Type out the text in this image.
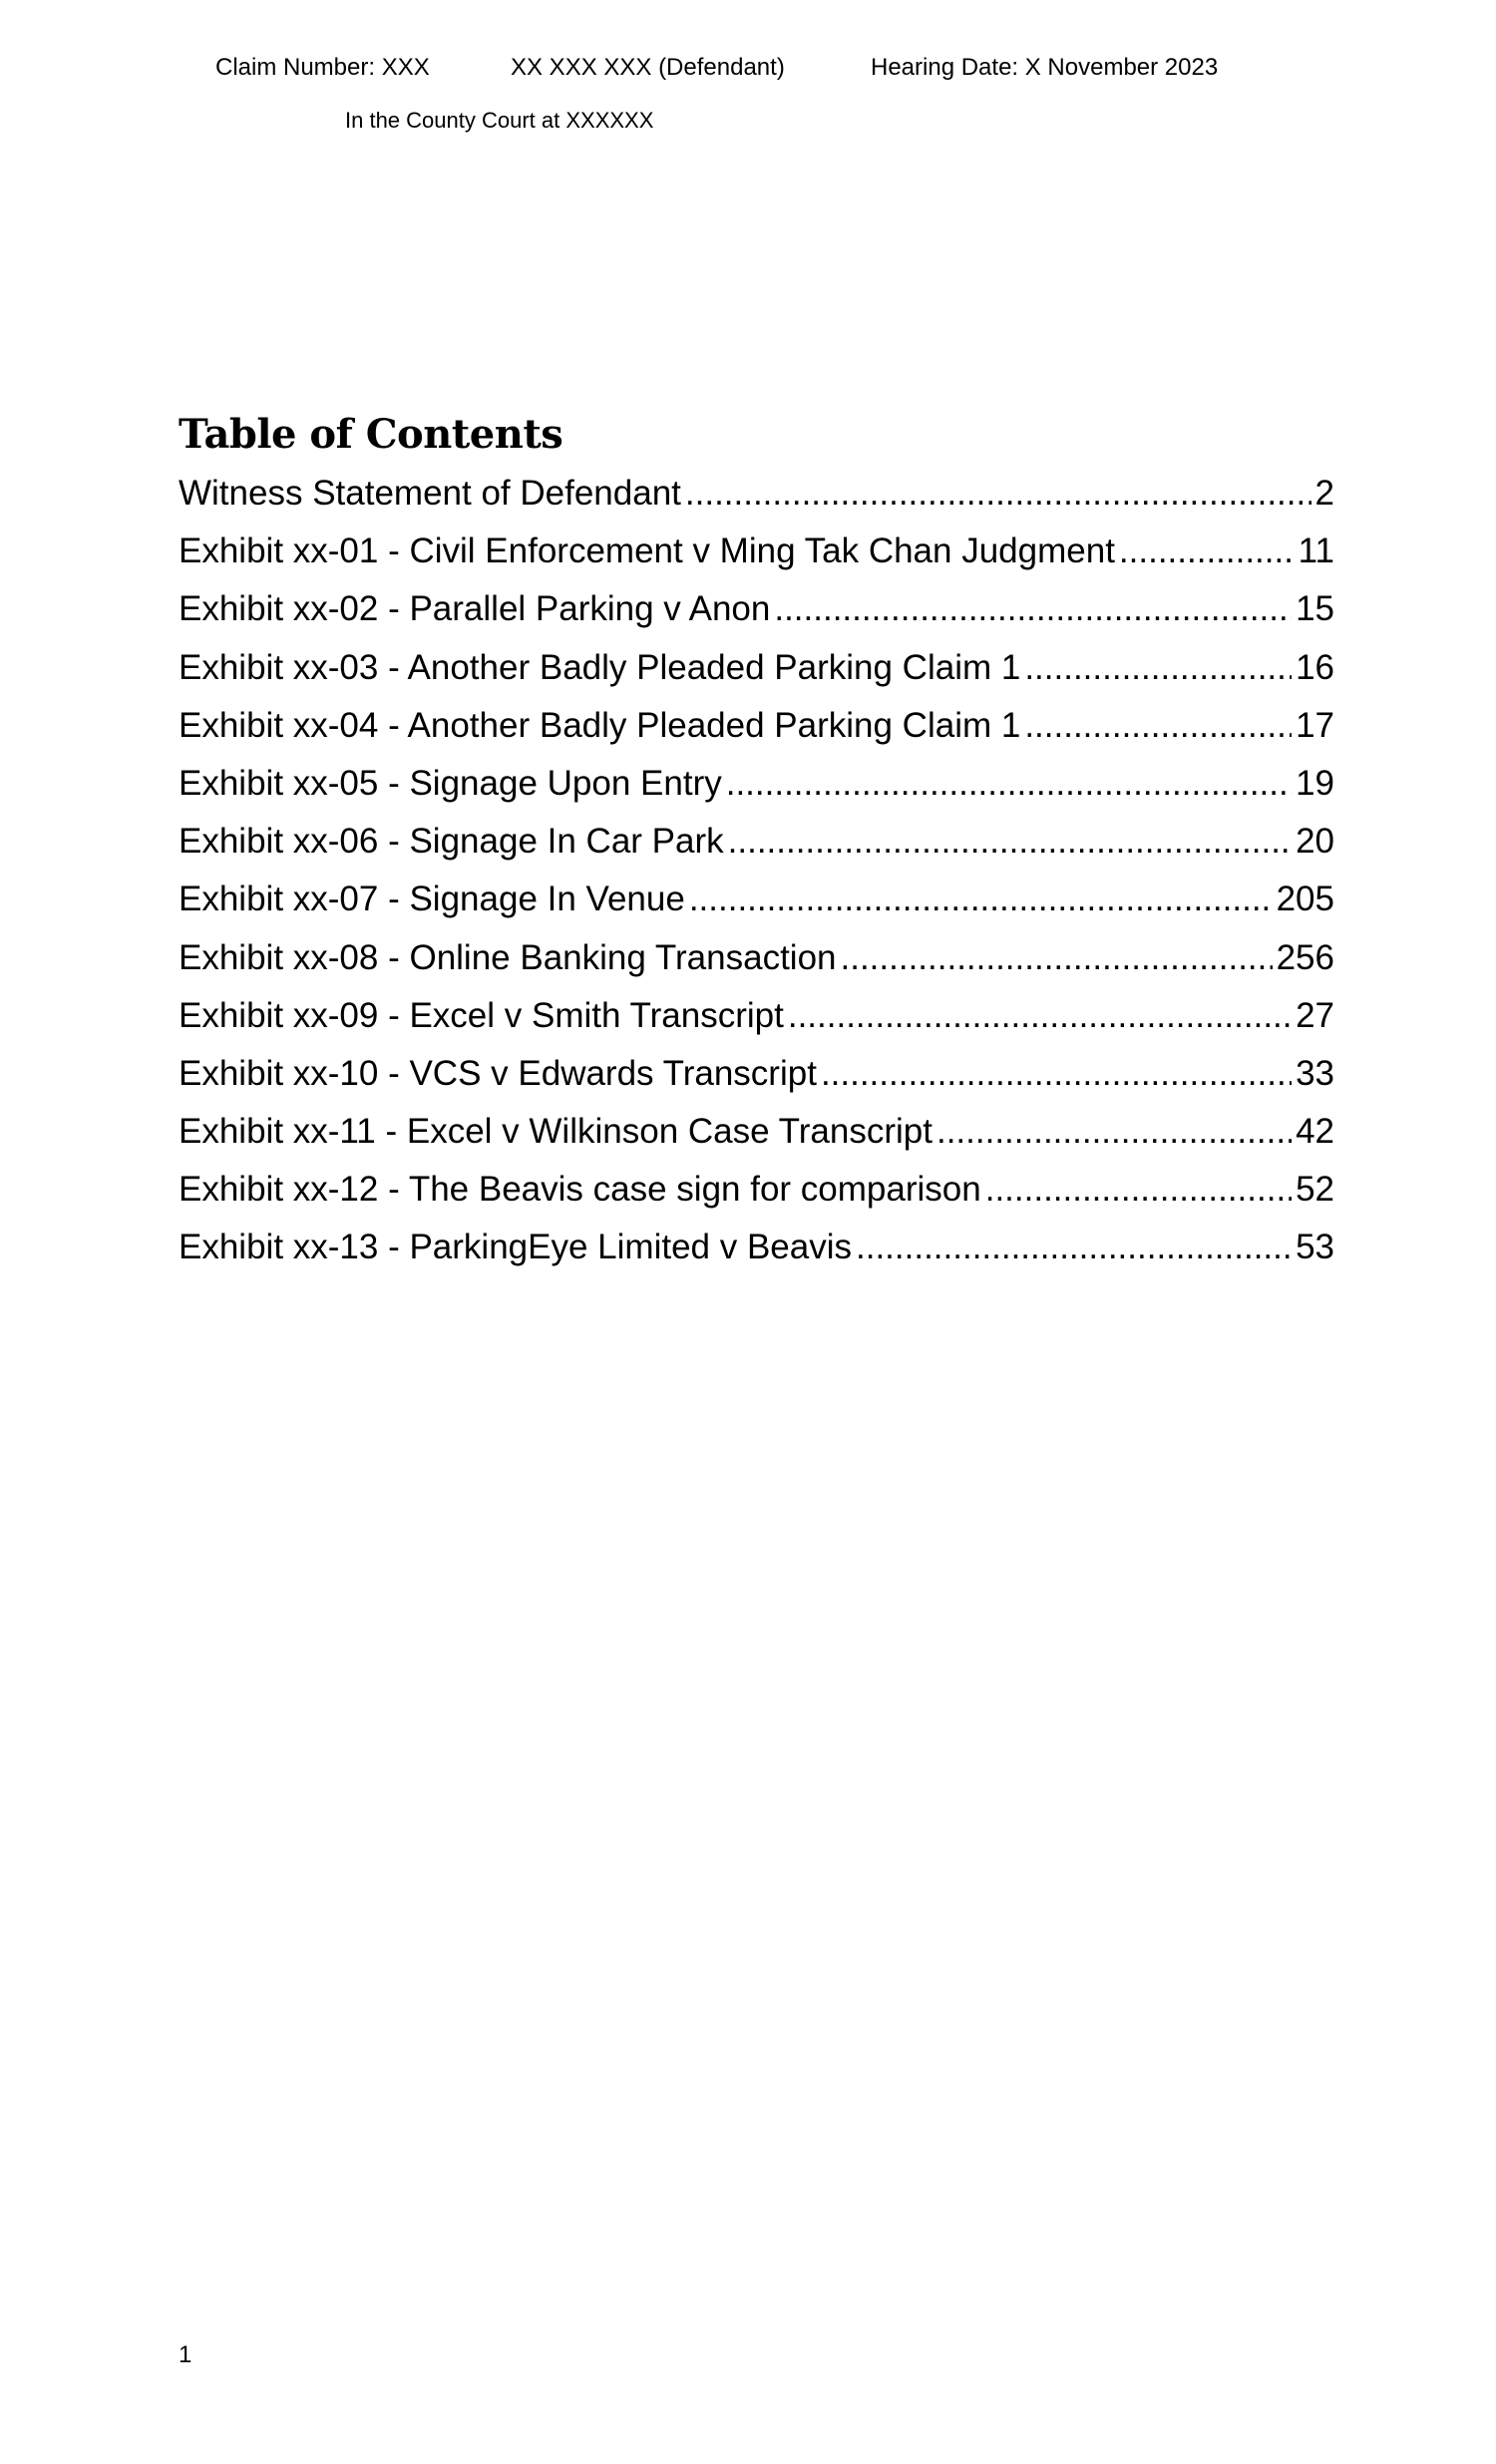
Claim Number: XXX	XX XXX XXX (Defendant)	Hearing Date: X November 2023
In the County Court at XXXXXX
Table of Contents
Witness Statement of Defendant .....	2
Exhibit xx-01 - Civil Enforcement v Ming Tak Chan Judgment .....	11
Exhibit xx-02 - Parallel Parking v Anon .....	15
Exhibit xx-03 - Another Badly Pleaded Parking Claim 1 .....	16
Exhibit xx-04 - Another Badly Pleaded Parking Claim 1 .....	17
Exhibit xx-05 - Signage Upon Entry .....	19
Exhibit xx-06 - Signage In Car Park .....	20
Exhibit xx-07 - Signage In Venue .....	205
Exhibit xx-08 - Online Banking Transaction .....	256
Exhibit xx-09 - Excel v Smith Transcript .....	27
Exhibit xx-10 - VCS v Edwards Transcript .....	33
Exhibit xx-11 - Excel v Wilkinson Case Transcript .....	42
Exhibit xx-12 - The Beavis case sign for comparison .....	52
Exhibit xx-13 - ParkingEye Limited v Beavis .....	53
1
